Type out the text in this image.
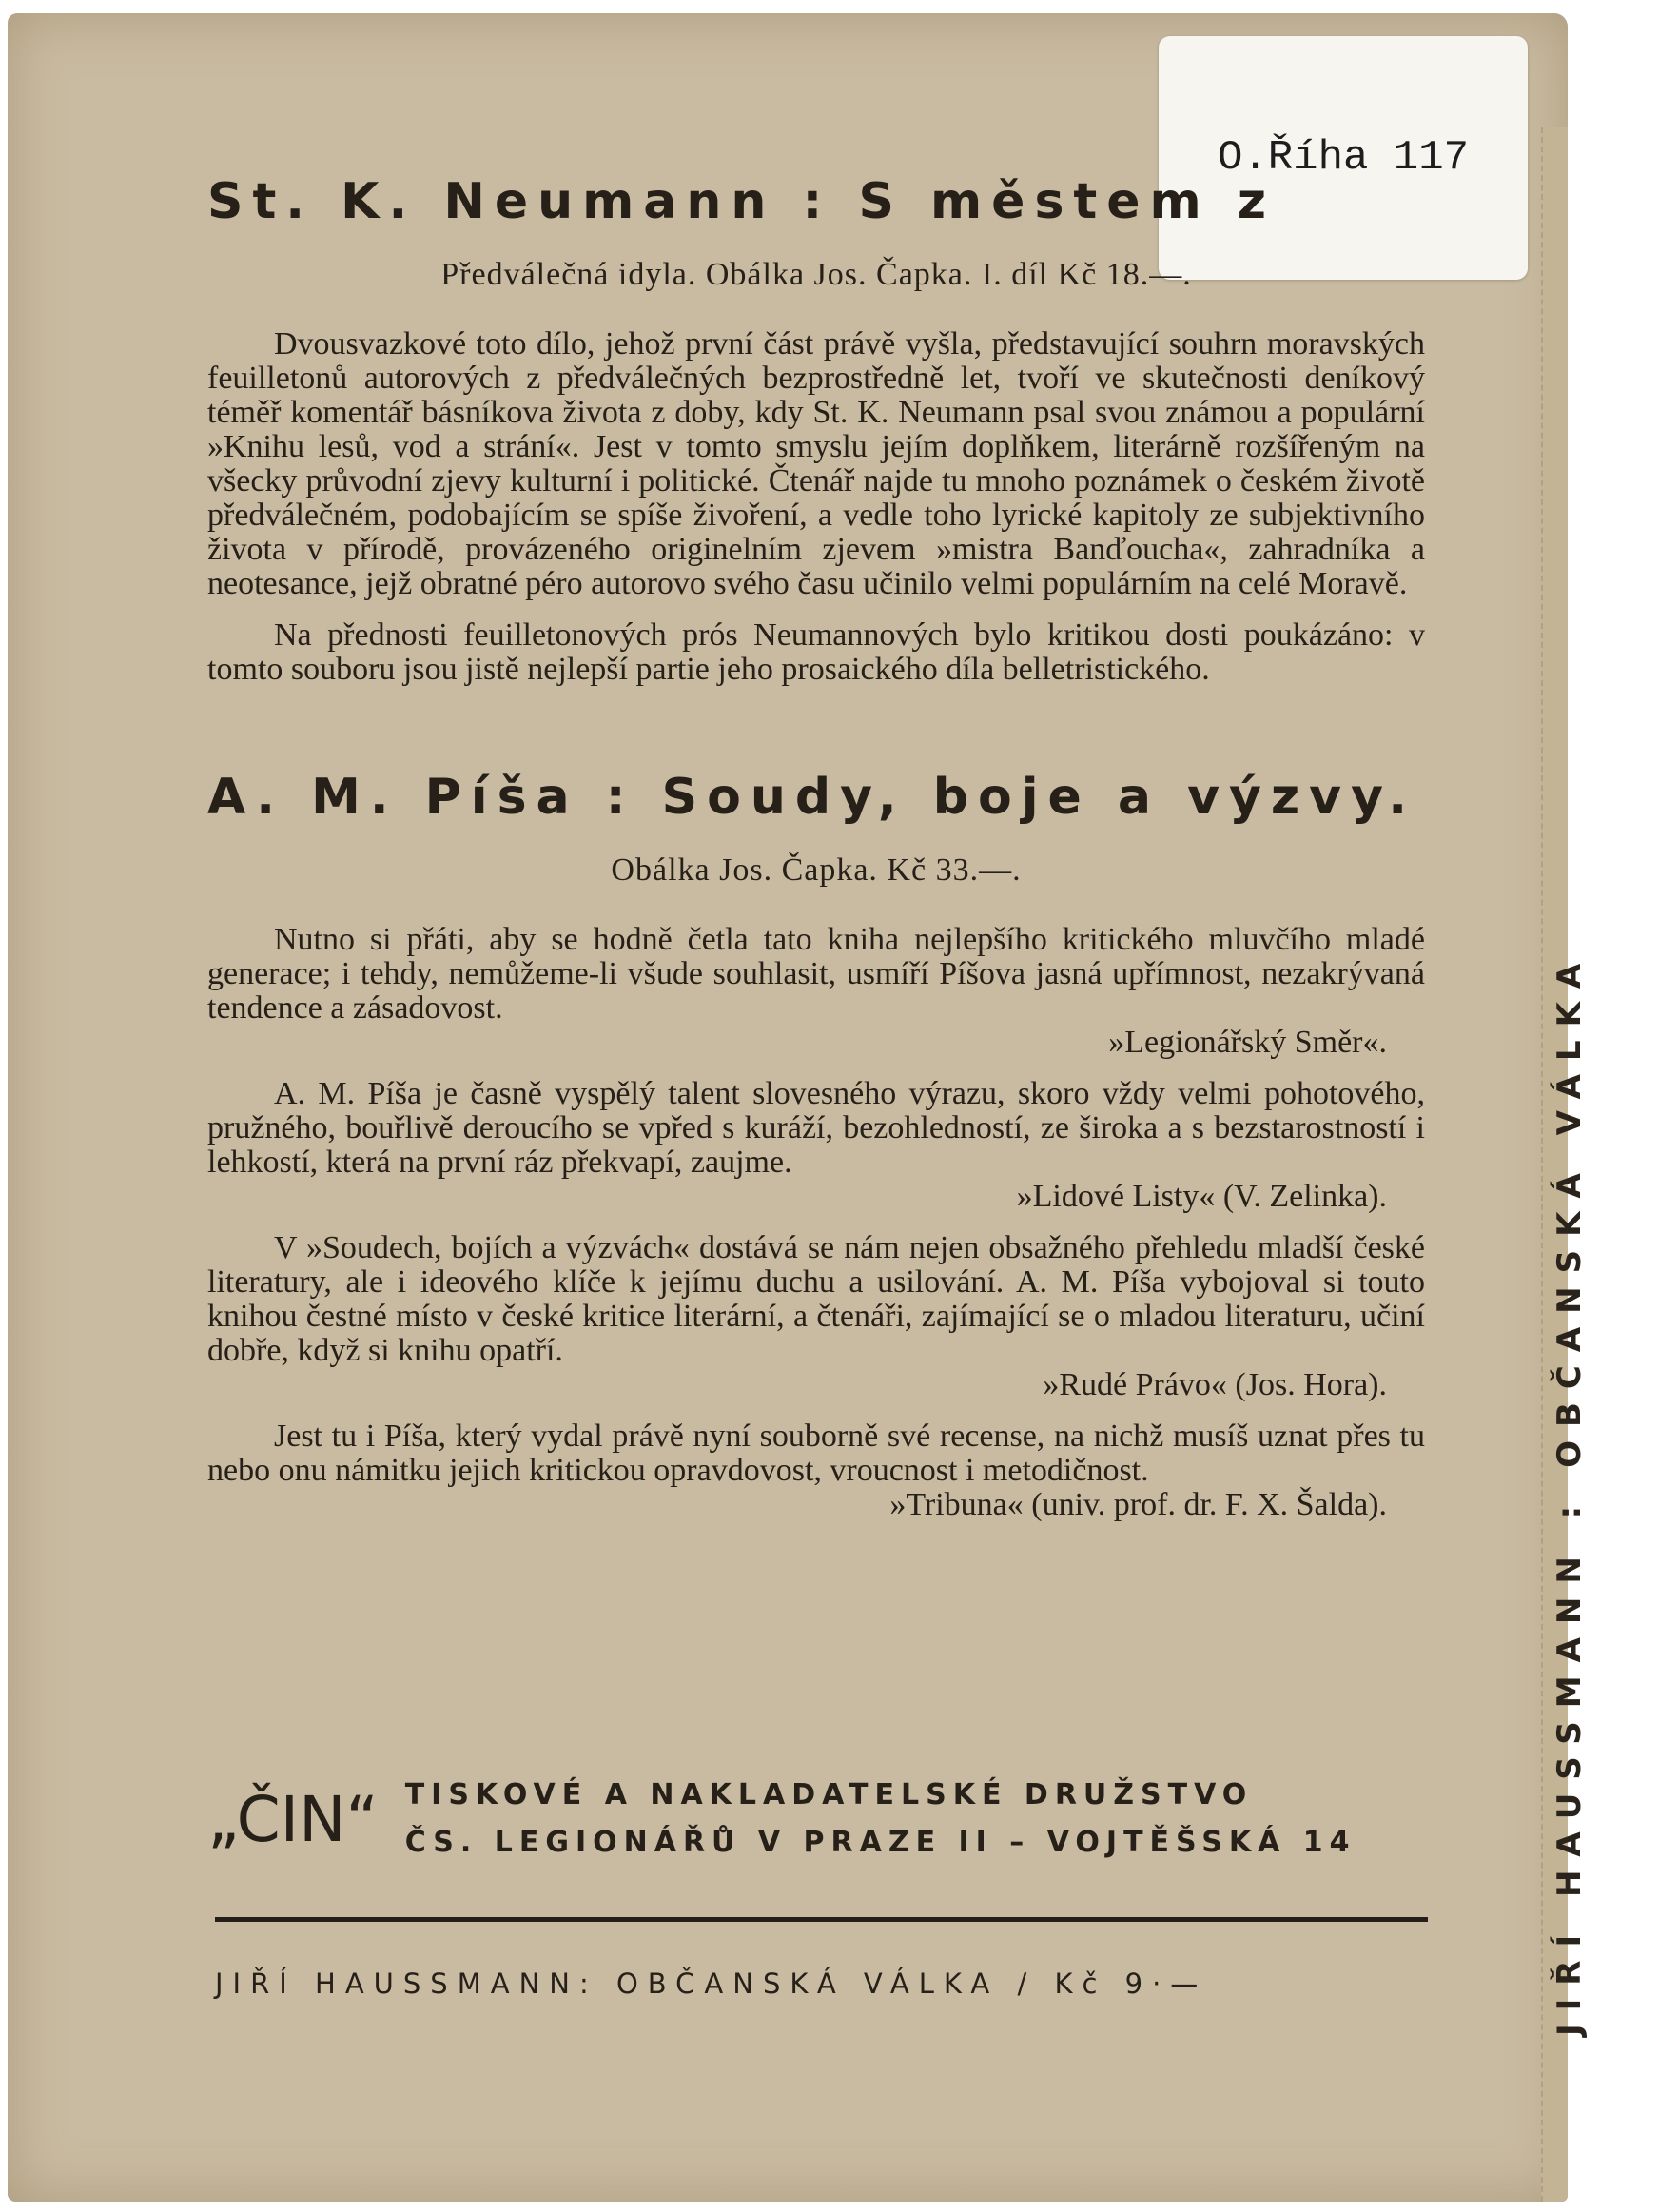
JIŘÍ HAUSSMANN : OBČANSKÁ VÁLKA
O.Říha 117
St. K. Neumann : S městem z
Předválečná idyla. Obálka Jos. Čapka. I. díl Kč 18.—.

Dvousvazkové toto dílo, jehož první část právě vyšla, představující souhrn moravských feuilletonů autorových z předválečných bezprostředně let, tvoří ve skutečnosti deníkový téměř komentář básníkova života z doby, kdy St. K. Neumann psal svou známou a populární »Knihu lesů, vod a strání«. Jest v tomto smyslu jejím doplňkem, literárně rozšířeným na všecky průvodní zjevy kulturní i politické. Čtenář najde tu mnoho poznámek o českém životě předválečném, podobajícím se spíše živoření, a vedle toho lyrické kapitoly ze subjektivního života v přírodě, provázeného originelním zjevem »mistra Banďoucha«, zahradníka a neotesance, jejž obratné péro autorovo svého času učinilo velmi populárním na celé Moravě.

Na přednosti feuilletonových prós Neumannových bylo kritikou dosti poukázáno: v tomto souboru jsou jistě nejlepší partie jeho prosaického díla belletristického.

A. M. Píša : Soudy, boje a výzvy.
Obálka Jos. Čapka. Kč 33.—.

Nutno si přáti, aby se hodně četla tato kniha nejlepšího kritického mluvčího mladé generace; i tehdy, nemůžeme-li všude souhlasit, usmíří Píšova jasná upřímnost, nezakrývaná tendence a zásadovost.

»Legionářský Směr«.

A. M. Píša je časně vyspělý talent slovesného výrazu, skoro vždy velmi pohotového, pružného, bouřlivě deroucího se vpřed s kuráží, bezohledností, ze široka a s bezstarostností i lehkostí, která na první ráz překvapí, zaujme.

»Lidové Listy« (V. Zelinka).

V »Soudech, bojích a výzvách« dostává se nám nejen obsažného přehledu mladší české literatury, ale i ideového klíče k jejímu duchu a usilování. A. M. Píša vybojoval si touto knihou čestné místo v české kritice literární, a čtenáři, zajímající se o mladou literaturu, učiní dobře, když si knihu opatří.

»Rudé Právo« (Jos. Hora).

Jest tu i Píša, který vydal právě nyní souborně své recense, na nichž musíš uznat přes tu nebo onu námitku jejich kritickou opravdovost, vroucnost i metodičnost.

»Tribuna« (univ. prof. dr. F. X. Šalda).
„ČIN“ TISKOVÉ A NAKLADATELSKÉ DRUŽSTVO
ČS. LEGIONÁŘŮ V PRAZE II – VOJTĚŠSKÁ 14
JIŘÍ HAUSSMANN: OBČANSKÁ VÁLKA / Kč 9·—
